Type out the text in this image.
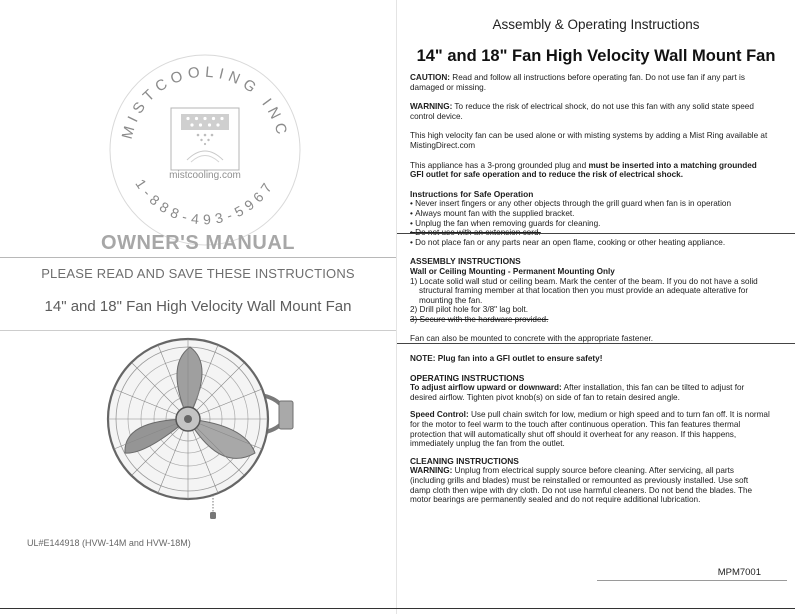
MISTCOOLING INC
1-888-493-5967
mistcooling.com
OWNER'S MANUAL
PLEASE READ AND SAVE THESE INSTRUCTIONS
14" and 18" Fan High Velocity Wall Mount Fan
UL#E144918 (HVW-14M and HVW-18M)
Assembly & Operating Instructions
14" and 18" Fan High Velocity Wall Mount Fan

CAUTION: Read and follow all instructions before operating fan. Do not use fan if any part is damaged or missing.

WARNING: To reduce the risk of electrical shock, do not use this fan with any solid state speed control device.

This high velocity fan can be used alone or with misting systems by adding a Mist Ring available at MistingDirect.com

This appliance has a 3-prong grounded plug and must be inserted into a matching grounded GFI outlet for safe operation and to reduce the risk of electrical shock.

Instructions for Safe Operation

• Never insert fingers or any other objects through the grill guard when fan is in operation
• Always mount fan with the supplied bracket.
• Unplug the fan when removing guards for cleaning.
•
• Do not place fan or any parts near an open flame, cooking or other heating appliance.

ASSEMBLY INSTRUCTIONS

Wall or Ceiling Mounting - Permanent Mounting Only

1) Locate solid wall stud or ceiling beam. Mark the center of the beam. If you do not have a solid structural framing member at that location then you must provide an adequate alterative for mounting the fan.
2) Drill pilot hole for 3/8" lag bolt.
3) Secure with the hardware provided.

Fan can also be mounted to concrete with the appropriate fastener.

NOTE: Plug fan into a GFI outlet to ensure safety!

OPERATING INSTRUCTIONS

To adjust airflow upward or downward: After installation, this fan can be tilted to adjust for desired airflow. Tighten pivot knob(s) on side of fan to retain desired angle.

Speed Control: Use pull chain switch for low, medium or high speed and to turn fan off. It is normal for the motor to feel warm to the touch after continuous operation. This fan features thermal protection that will automatically shut off should it overheat for any reason. If this happens, immediately unplug the fan from the outlet.

CLEANING INSTRUCTIONS

WARNING: Unplug from electrical supply source before cleaning. After servicing, all parts (including grills and blades) must be reinstalled or remounted as previously installed. Use soft damp cloth then wipe with dry cloth. Do not use harmful cleaners. Do not bend the blades. The motor bearings are permanently sealed and do not require additional lubrication.

MPM7001
